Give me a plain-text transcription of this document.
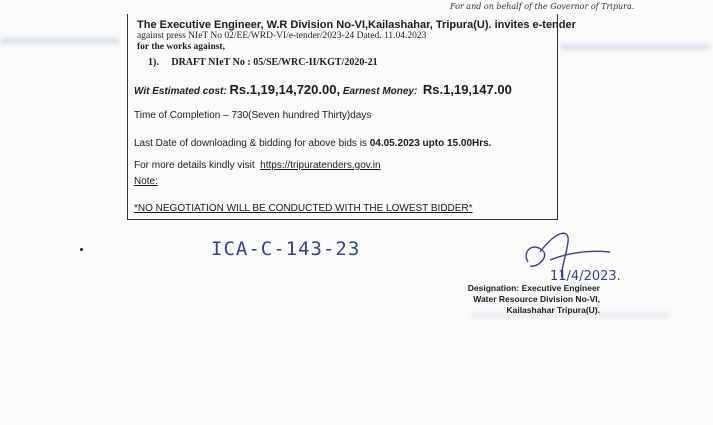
For and on behalf of the Governor of Tripura.
The Executive Engineer, W.R Division No-VI,Kailashahar, Tripura(U). invites e-tender
against press NIeT No 02/EE/WRD-VI/e-tender/2023-24 Dated. 11.04.2023
for the works against,
1). DRAFT NIeT No : 05/SE/WRC-II/KGT/2020-21
Wit Estimated cost: Rs.1,19,14,720.00, Earnest Money: Rs.1,19,147.00
Time of Completion – 730(Seven hundred Thirty)days
Last Date of downloading & bidding for above bids is 04.05.2023 upto 15.00Hrs.
For more details kindly visit https://tripuratenders.gov.in
Note:
*NO NEGOTIATION WILL BE CONDUCTED WITH THE LOWEST BIDDER*
ICA-C-143-23
11/4/2023.
Designation: Executive Engineer
Water Resource Division No-VI,
Kailashahar Tripura(U).
